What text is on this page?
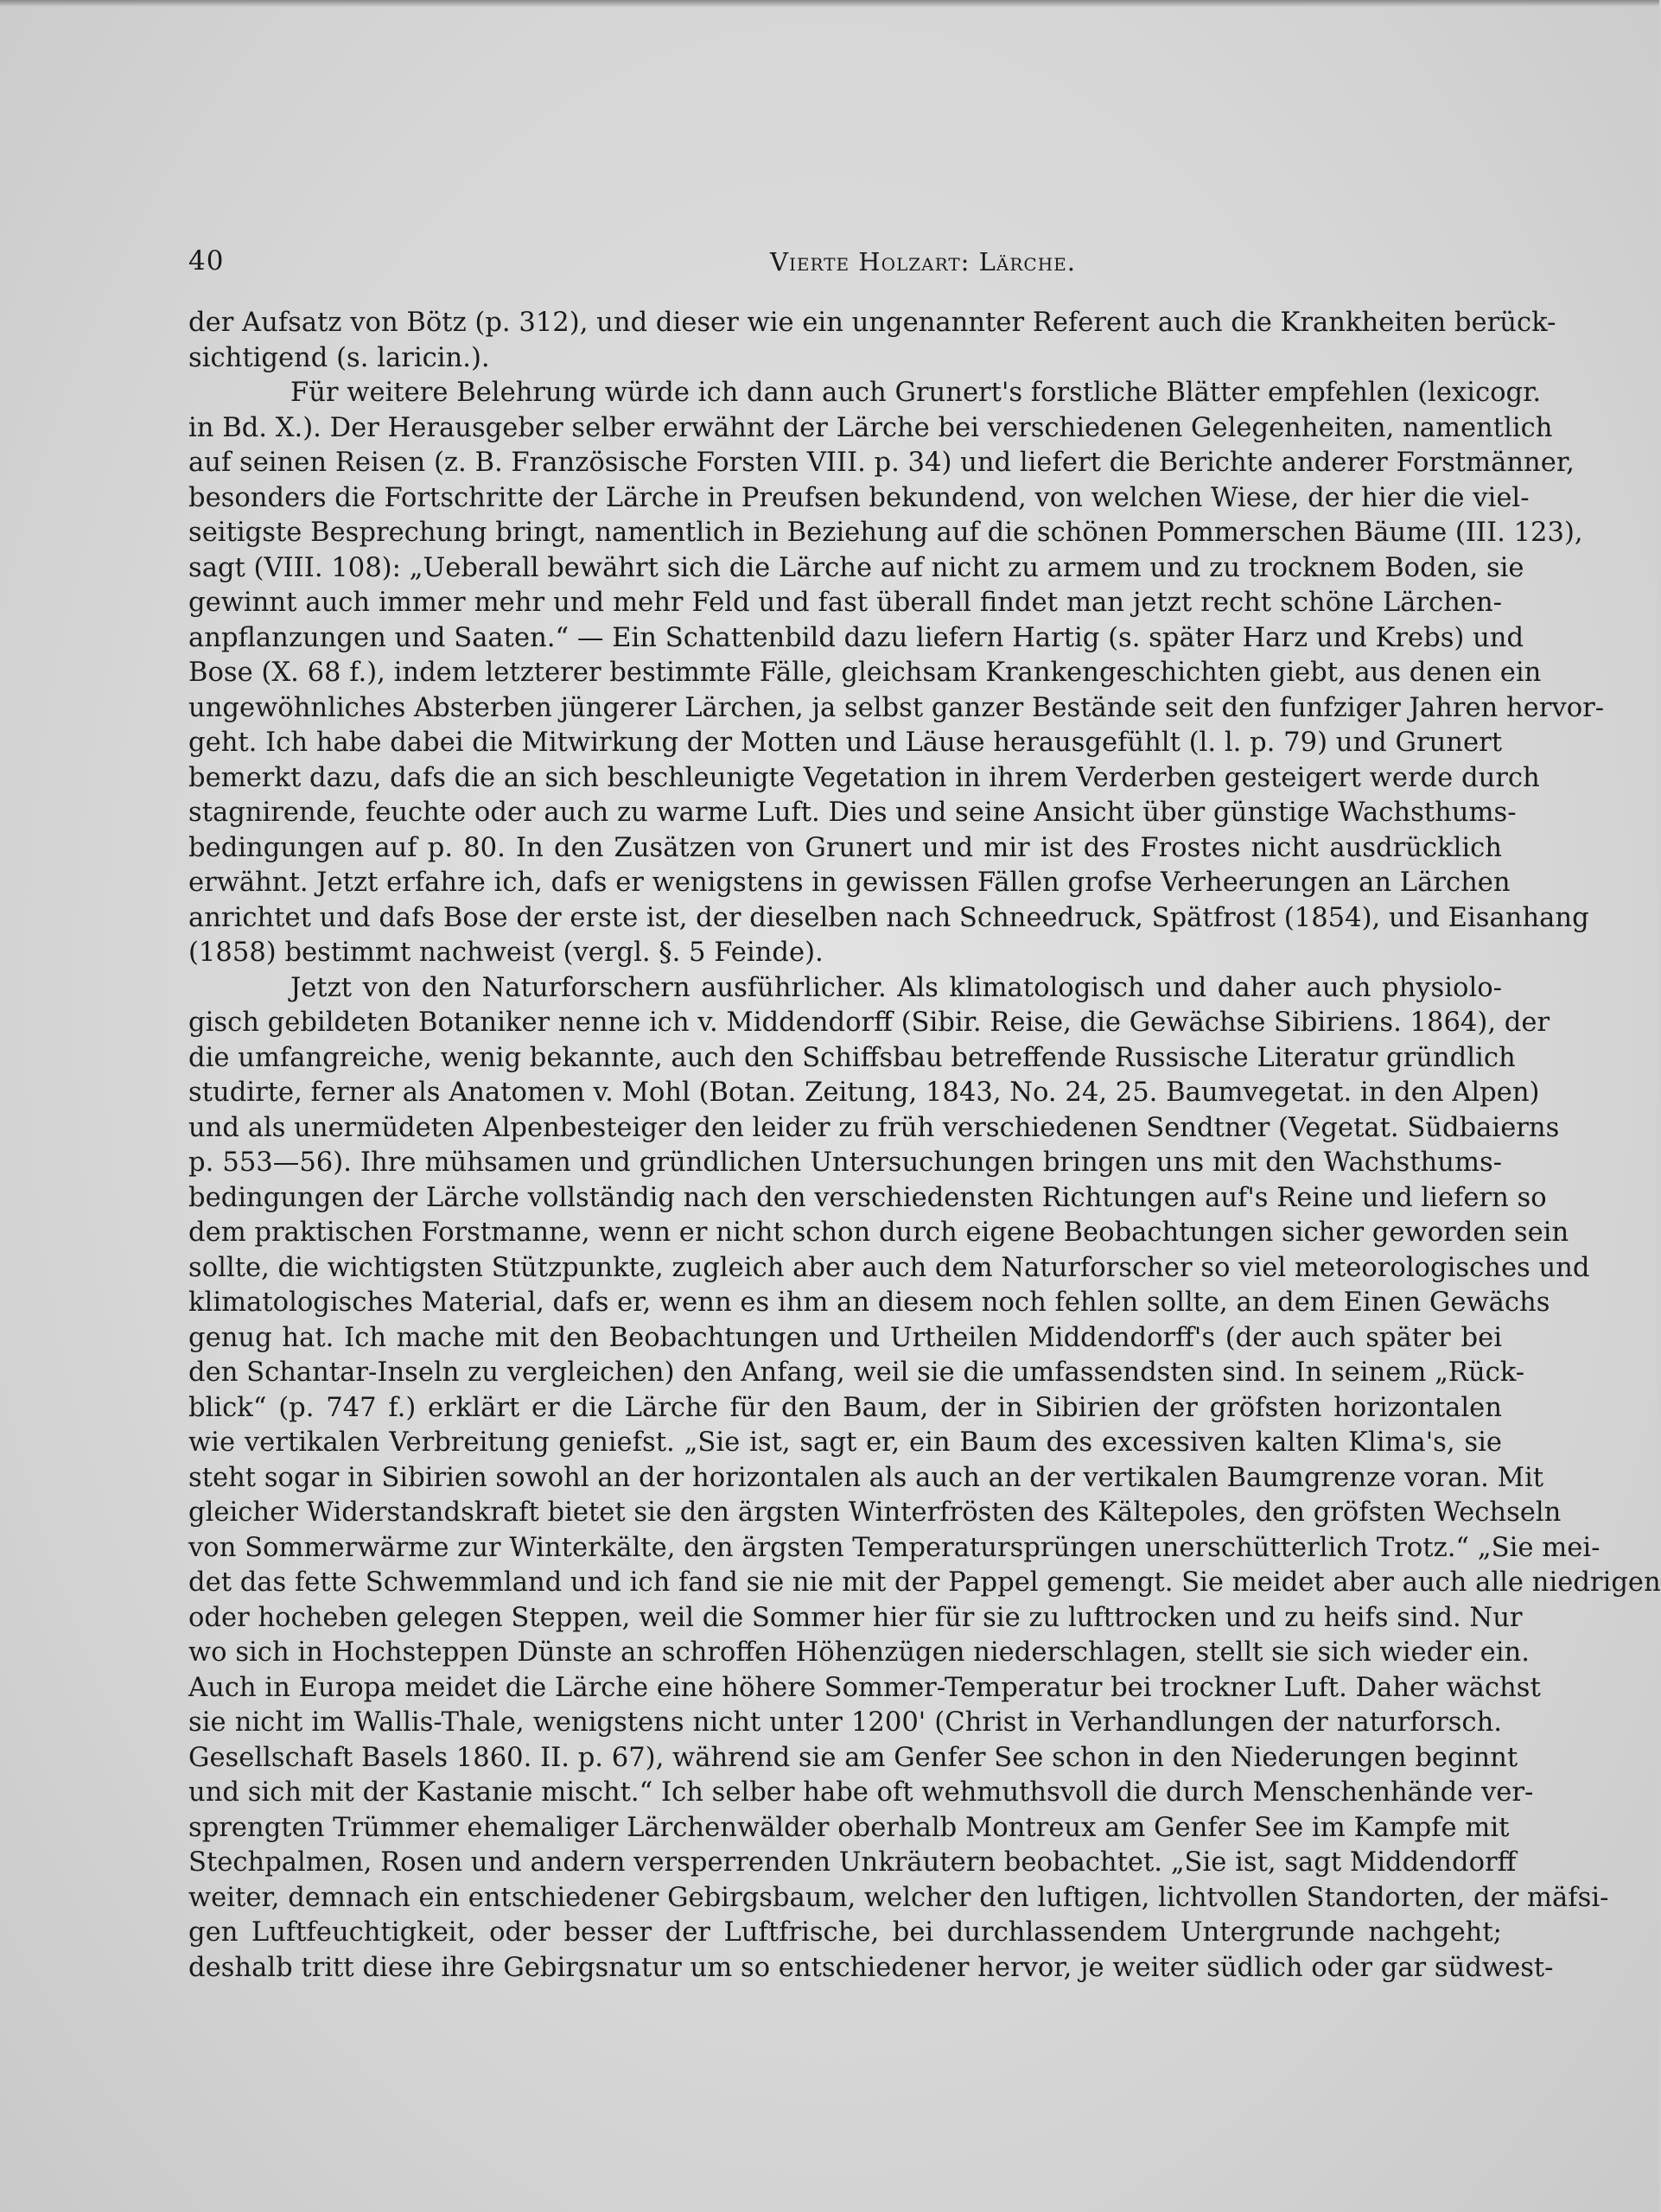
40	Vierte Holzart: Lärche.
der Aufsatz von Bötz (p. 312), und dieser wie ein ungenannter Referent auch die Krankheiten berück-
sichtigend (s. laricin.).
Für weitere Belehrung würde ich dann auch Grunert's forstliche Blätter empfehlen (lexicogr.
in Bd. X.). Der Herausgeber selber erwähnt der Lärche bei verschiedenen Gelegenheiten, namentlich
auf seinen Reisen (z. B. Französische Forsten VIII. p. 34) und liefert die Berichte anderer Forstmänner,
besonders die Fortschritte der Lärche in Preufsen bekundend, von welchen Wiese, der hier die viel-
seitigste Besprechung bringt, namentlich in Beziehung auf die schönen Pommerschen Bäume (III. 123),
sagt (VIII. 108): „Ueberall bewährt sich die Lärche auf nicht zu armem und zu trocknem Boden, sie
gewinnt auch immer mehr und mehr Feld und fast überall findet man jetzt recht schöne Lärchen-
anpflanzungen und Saaten.“ — Ein Schattenbild dazu liefern Hartig (s. später Harz und Krebs) und
Bose (X. 68 f.), indem letzterer bestimmte Fälle, gleichsam Krankengeschichten giebt, aus denen ein
ungewöhnliches Absterben jüngerer Lärchen, ja selbst ganzer Bestände seit den funfziger Jahren hervor-
geht. Ich habe dabei die Mitwirkung der Motten und Läuse herausgefühlt (l. l. p. 79) und Grunert
bemerkt dazu, dafs die an sich beschleunigte Vegetation in ihrem Verderben gesteigert werde durch
stagnirende, feuchte oder auch zu warme Luft. Dies und seine Ansicht über günstige Wachsthums-
bedingungen auf p. 80. In den Zusätzen von Grunert und mir ist des Frostes nicht ausdrücklich
erwähnt. Jetzt erfahre ich, dafs er wenigstens in gewissen Fällen grofse Verheerungen an Lärchen
anrichtet und dafs Bose der erste ist, der dieselben nach Schneedruck, Spätfrost (1854), und Eisanhang
(1858) bestimmt nachweist (vergl. §. 5 Feinde).
Jetzt von den Naturforschern ausführlicher. Als klimatologisch und daher auch physiolo-
gisch gebildeten Botaniker nenne ich v. Middendorff (Sibir. Reise, die Gewächse Sibiriens. 1864), der
die umfangreiche, wenig bekannte, auch den Schiffsbau betreffende Russische Literatur gründlich
studirte, ferner als Anatomen v. Mohl (Botan. Zeitung, 1843, No. 24, 25. Baumvegetat. in den Alpen)
und als unermüdeten Alpenbesteiger den leider zu früh verschiedenen Sendtner (Vegetat. Südbaierns
p. 553—56). Ihre mühsamen und gründlichen Untersuchungen bringen uns mit den Wachsthums-
bedingungen der Lärche vollständig nach den verschiedensten Richtungen auf's Reine und liefern so
dem praktischen Forstmanne, wenn er nicht schon durch eigene Beobachtungen sicher geworden sein
sollte, die wichtigsten Stützpunkte, zugleich aber auch dem Naturforscher so viel meteorologisches und
klimatologisches Material, dafs er, wenn es ihm an diesem noch fehlen sollte, an dem Einen Gewächs
genug hat. Ich mache mit den Beobachtungen und Urtheilen Middendorff's (der auch später bei
den Schantar-Inseln zu vergleichen) den Anfang, weil sie die umfassendsten sind. In seinem „Rück-
blick“ (p. 747 f.) erklärt er die Lärche für den Baum, der in Sibirien der gröfsten horizontalen
wie vertikalen Verbreitung geniefst. „Sie ist, sagt er, ein Baum des excessiven kalten Klima's, sie
steht sogar in Sibirien sowohl an der horizontalen als auch an der vertikalen Baumgrenze voran. Mit
gleicher Widerstandskraft bietet sie den ärgsten Winterfrösten des Kältepoles, den gröfsten Wechseln
von Sommerwärme zur Winterkälte, den ärgsten Temperatursprüngen unerschütterlich Trotz.“ „Sie mei-
det das fette Schwemmland und ich fand sie nie mit der Pappel gemengt. Sie meidet aber auch alle niedrigen
oder hocheben gelegen Steppen, weil die Sommer hier für sie zu lufttrocken und zu heifs sind. Nur
wo sich in Hochsteppen Dünste an schroffen Höhenzügen niederschlagen, stellt sie sich wieder ein.
Auch in Europa meidet die Lärche eine höhere Sommer-Temperatur bei trockner Luft. Daher wächst
sie nicht im Wallis-Thale, wenigstens nicht unter 1200' (Christ in Verhandlungen der naturforsch.
Gesellschaft Basels 1860. II. p. 67), während sie am Genfer See schon in den Niederungen beginnt
und sich mit der Kastanie mischt.“ Ich selber habe oft wehmuthsvoll die durch Menschenhände ver-
sprengten Trümmer ehemaliger Lärchenwälder oberhalb Montreux am Genfer See im Kampfe mit
Stechpalmen, Rosen und andern versperrenden Unkräutern beobachtet. „Sie ist, sagt Middendorff
weiter, demnach ein entschiedener Gebirgsbaum, welcher den luftigen, lichtvollen Standorten, der mäfsi-
gen Luftfeuchtigkeit, oder besser der Luftfrische, bei durchlassendem Untergrunde nachgeht;
deshalb tritt diese ihre Gebirgsnatur um so entschiedener hervor, je weiter südlich oder gar südwest-
